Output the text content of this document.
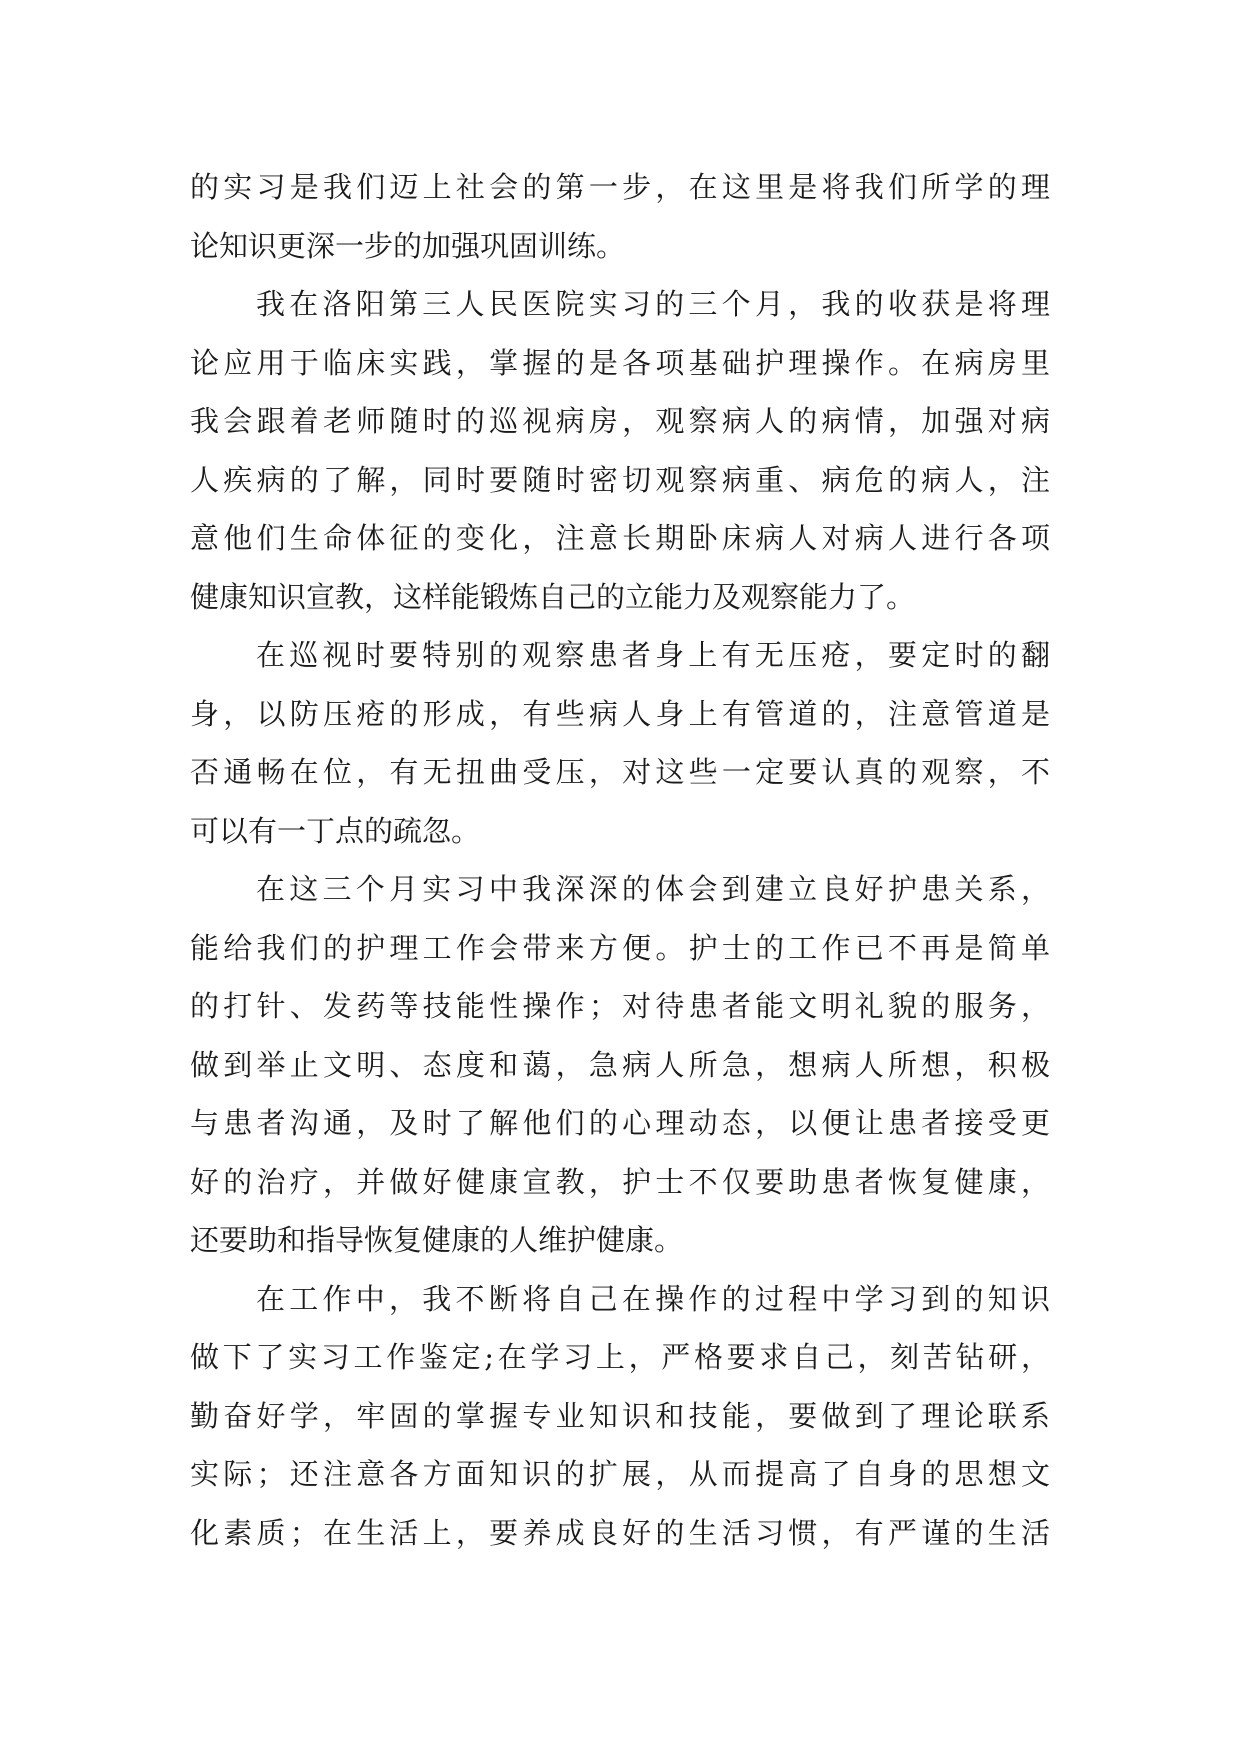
的实习是我们迈上社会的第一步，在这里是将我们所学的理
论知识更深一步的加强巩固训练。
我在洛阳第三人民医院实习的三个月，我的收获是将理
论应用于临床实践，掌握的是各项基础护理操作。在病房里
我会跟着老师随时的巡视病房，观察病人的病情，加强对病
人疾病的了解，同时要随时密切观察病重、病危的病人，注
意他们生命体征的变化，注意长期卧床病人对病人进行各项
健康知识宣教，这样能锻炼自己的立能力及观察能力了。
在巡视时要特别的观察患者身上有无压疮，要定时的翻
身，以防压疮的形成，有些病人身上有管道的，注意管道是
否通畅在位，有无扭曲受压，对这些一定要认真的观察，不
可以有一丁点的疏忽。
在这三个月实习中我深深的体会到建立良好护患关系，
能给我们的护理工作会带来方便。护士的工作已不再是简单
的打针、发药等技能性操作；对待患者能文明礼貌的服务，
做到举止文明、态度和蔼，急病人所急，想病人所想，积极
与患者沟通，及时了解他们的心理动态，以便让患者接受更
好的治疗，并做好健康宣教，护士不仅要助患者恢复健康，
还要助和指导恢复健康的人维护健康。
在工作中，我不断将自己在操作的过程中学习到的知识
做下了实习工作鉴定;在学习上，严格要求自己，刻苦钻研，
勤奋好学，牢固的掌握专业知识和技能，要做到了理论联系
实际；还注意各方面知识的扩展，从而提高了自身的思想文
化素质；在生活上，要养成良好的生活习惯，有严谨的生活
